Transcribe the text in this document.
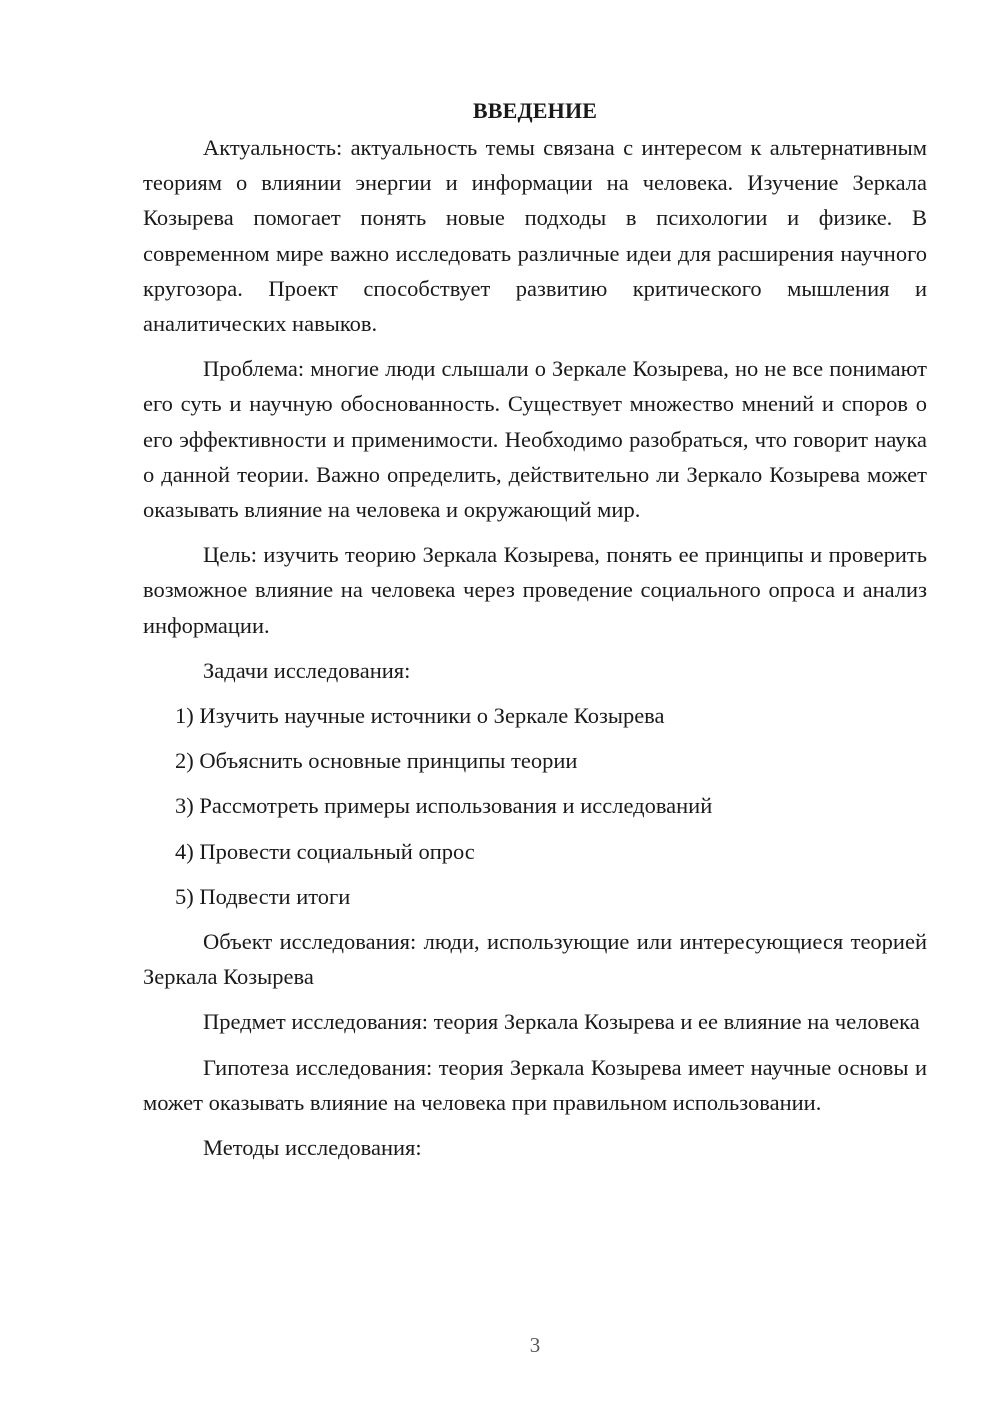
ВВЕДЕНИЕ

Актуальность: актуальность темы связана с интересом к альтернативным теориям о влиянии энергии и информации на человека. Изучение Зеркала Козырева помогает понять новые подходы в психологии и физике. В современном мире важно исследовать различные идеи для расширения научного кругозора. Проект способствует развитию критического мышления и аналитических навыков.

Проблема: многие люди слышали о Зеркале Козырева, но не все понимают его суть и научную обоснованность. Существует множество мнений и споров о его эффективности и применимости. Необходимо разобраться, что говорит наука о данной теории. Важно определить, действительно ли Зеркало Козырева может оказывать влияние на человека и окружающий мир.

Цель: изучить теорию Зеркала Козырева, понять ее принципы и проверить возможное влияние на человека через проведение социального опроса и анализ информации.

Задачи исследования:

1) Изучить научные источники о Зеркале Козырева
2) Объяснить основные принципы теории
3) Рассмотреть примеры использования и исследований
4) Провести социальный опрос
5) Подвести итоги

Объект исследования: люди, использующие или интересующиеся теорией Зеркала Козырева

Предмет исследования: теория Зеркала Козырева и ее влияние на человека

Гипотеза исследования: теория Зеркала Козырева имеет научные основы и может оказывать влияние на человека при правильном использовании.

Методы исследования:

3
